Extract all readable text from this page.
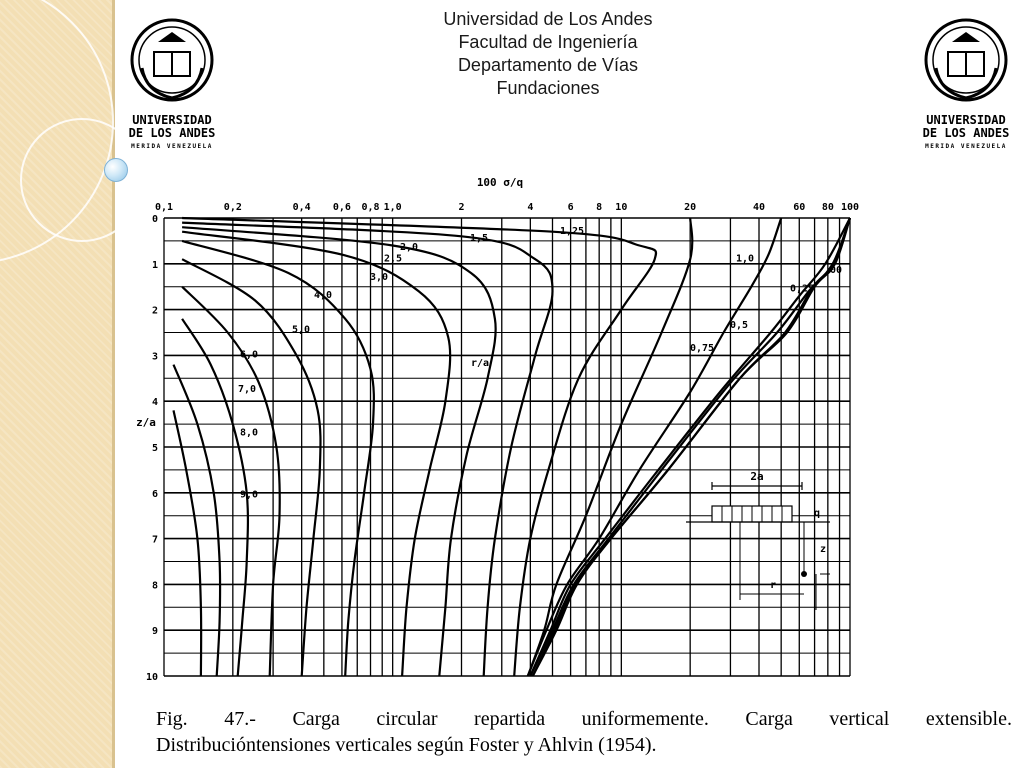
UNIVERSIDAD
DE LOS ANDES
MERIDA VENEZUELA
UNIVERSIDAD
DE LOS ANDES
MERIDA VENEZUELA
Universidad de Los Andes
Facultad de Ingeniería
Departamento de Vías
Fundaciones
0,1	0,2	0,4 0,6 0,8 1,0	2	4	6 8 10	20	40	60 80 100
0
1
2
3
4
5
6
7
8
9
10
00
0,25
0,5
0,75
1,0
1,25
1,5
2,0
2,5
3,0
4,0
5,0
6,0
7,0
8,0
9,0
100 σ/q
z/a
r/a
2a
q
z
r
Fig. 47.- Carga circular repartida uniformemente. Carga vertical extensible.
Distribucióntensiones verticales según Foster y Ahlvin (1954).
